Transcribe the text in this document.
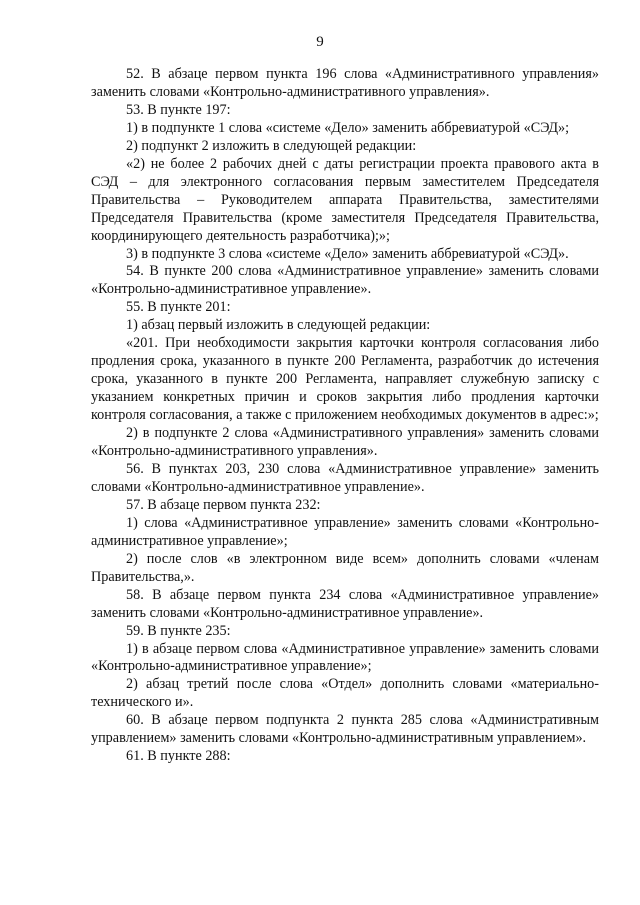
9

52. В абзаце первом пункта 196 слова «Административного управления» заменить словами «Контрольно-административного управления».

53. В пункте 197:

1) в подпункте 1 слова «системе «Дело» заменить аббревиатурой «СЭД»;

2) подпункт 2 изложить в следующей редакции:

«2) не более 2 рабочих дней с даты регистрации проекта правового акта в СЭД – для электронного согласования первым заместителем Председателя Правительства – Руководителем аппарата Правительства, заместителями Председателя Правительства (кроме заместителя Председателя Правительства, координирующего деятельность разработчика);»;

3) в подпункте 3 слова «системе «Дело» заменить аббревиатурой «СЭД».

54. В пункте 200 слова «Административное управление» заменить словами «Контрольно-административное управление».

55. В пункте 201:

1) абзац первый изложить в следующей редакции:

«201. При необходимости закрытия карточки контроля согласования либо продления срока, указанного в пункте 200 Регламента, разработчик до истечения срока, указанного в пункте 200 Регламента, направляет служебную записку с указанием конкретных причин и сроков закрытия либо продления карточки контроля согласования, а также с приложением необходимых документов в адрес:»;

2) в подпункте 2 слова «Административного управления» заменить словами «Контрольно-административного управления».

56. В пунктах 203, 230 слова «Административное управление» заменить словами «Контрольно-административное управление».

57. В абзаце первом пункта 232:

1) слова «Административное управление» заменить словами «Контрольно-административное управление»;

2) после слов «в электронном виде всем» дополнить словами «членам Правительства,».

58. В абзаце первом пункта 234 слова «Административное управление» заменить словами «Контрольно-административное управление».

59. В пункте 235:

1) в абзаце первом слова «Административное управление» заменить словами «Контрольно-административное управление»;

2) абзац третий после слова «Отдел» дополнить словами «материально-технического и».

60. В абзаце первом подпункта 2 пункта 285 слова «Административным управлением» заменить словами «Контрольно-административным управлением».

61. В пункте 288:
